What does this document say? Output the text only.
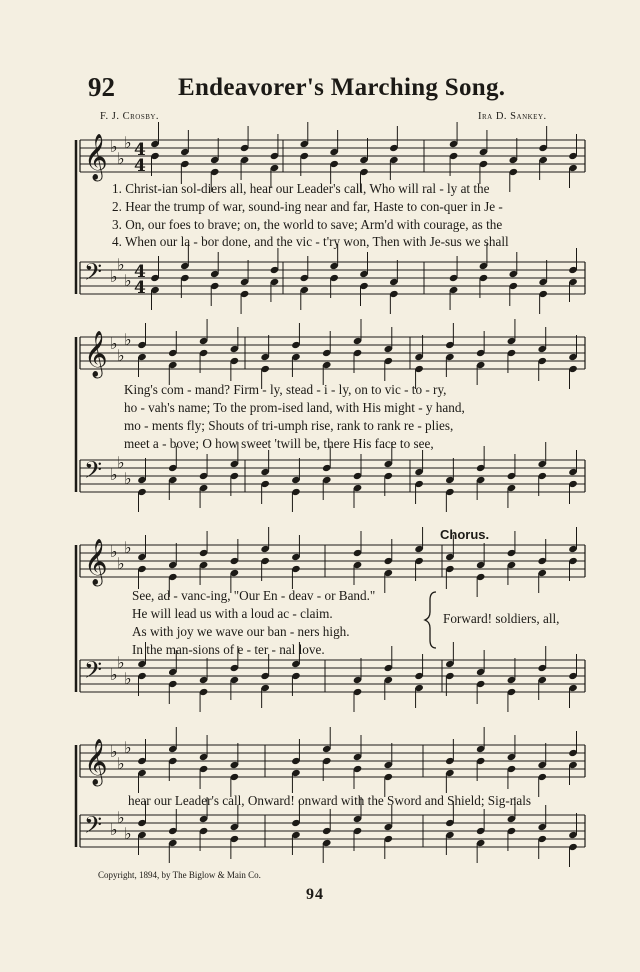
92	Endeavorer's Marching Song.
F. J. Crosby.	Ira D. Sankey.
𝄞 ♭
♭
♭ 4
4
𝄢 ♭
♭
♭ 4
4
𝄞 ♭
♭
♭
𝄢 ♭
♭
♭
𝄞 ♭
♭
♭
𝄢 ♭
♭
♭
𝄞 ♭
♭
♭
𝄢 ♭
♭
♭
1. Christ-ian sol-diers all, hear our Leader's call, Who will ral - ly at the
2. Hear the trump of war, sound-ing near and far, Haste to con-quer in Je -
3. On, our foes to brave; on, the world to save; Arm'd with courage, as the
4. When our la - bor done, and the vic - t'ry won, Then with Je-sus we shall
King's com - mand? Firm - ly, stead - i - ly, on to vic - to - ry,
ho - vah's name; To the prom-ised land, with His might - y hand,
mo - ments fly; Shouts of tri-umph rise, rank to rank re - plies,
meet a - bove; O how sweet 'twill be, there His face to see,
Chorus.
See, ad - vanc-ing, "Our En - deav - or Band."
He will lead us with a loud ac - claim.
As with joy we wave our ban - ners high.
In the man-sions of e - ter - nal love.
Forward! soldiers, all,
hear our Leader's call, Onward! onward with the Sword and Shield; Sig-nals
Copyright, 1894, by The Biglow & Main Co.
94
